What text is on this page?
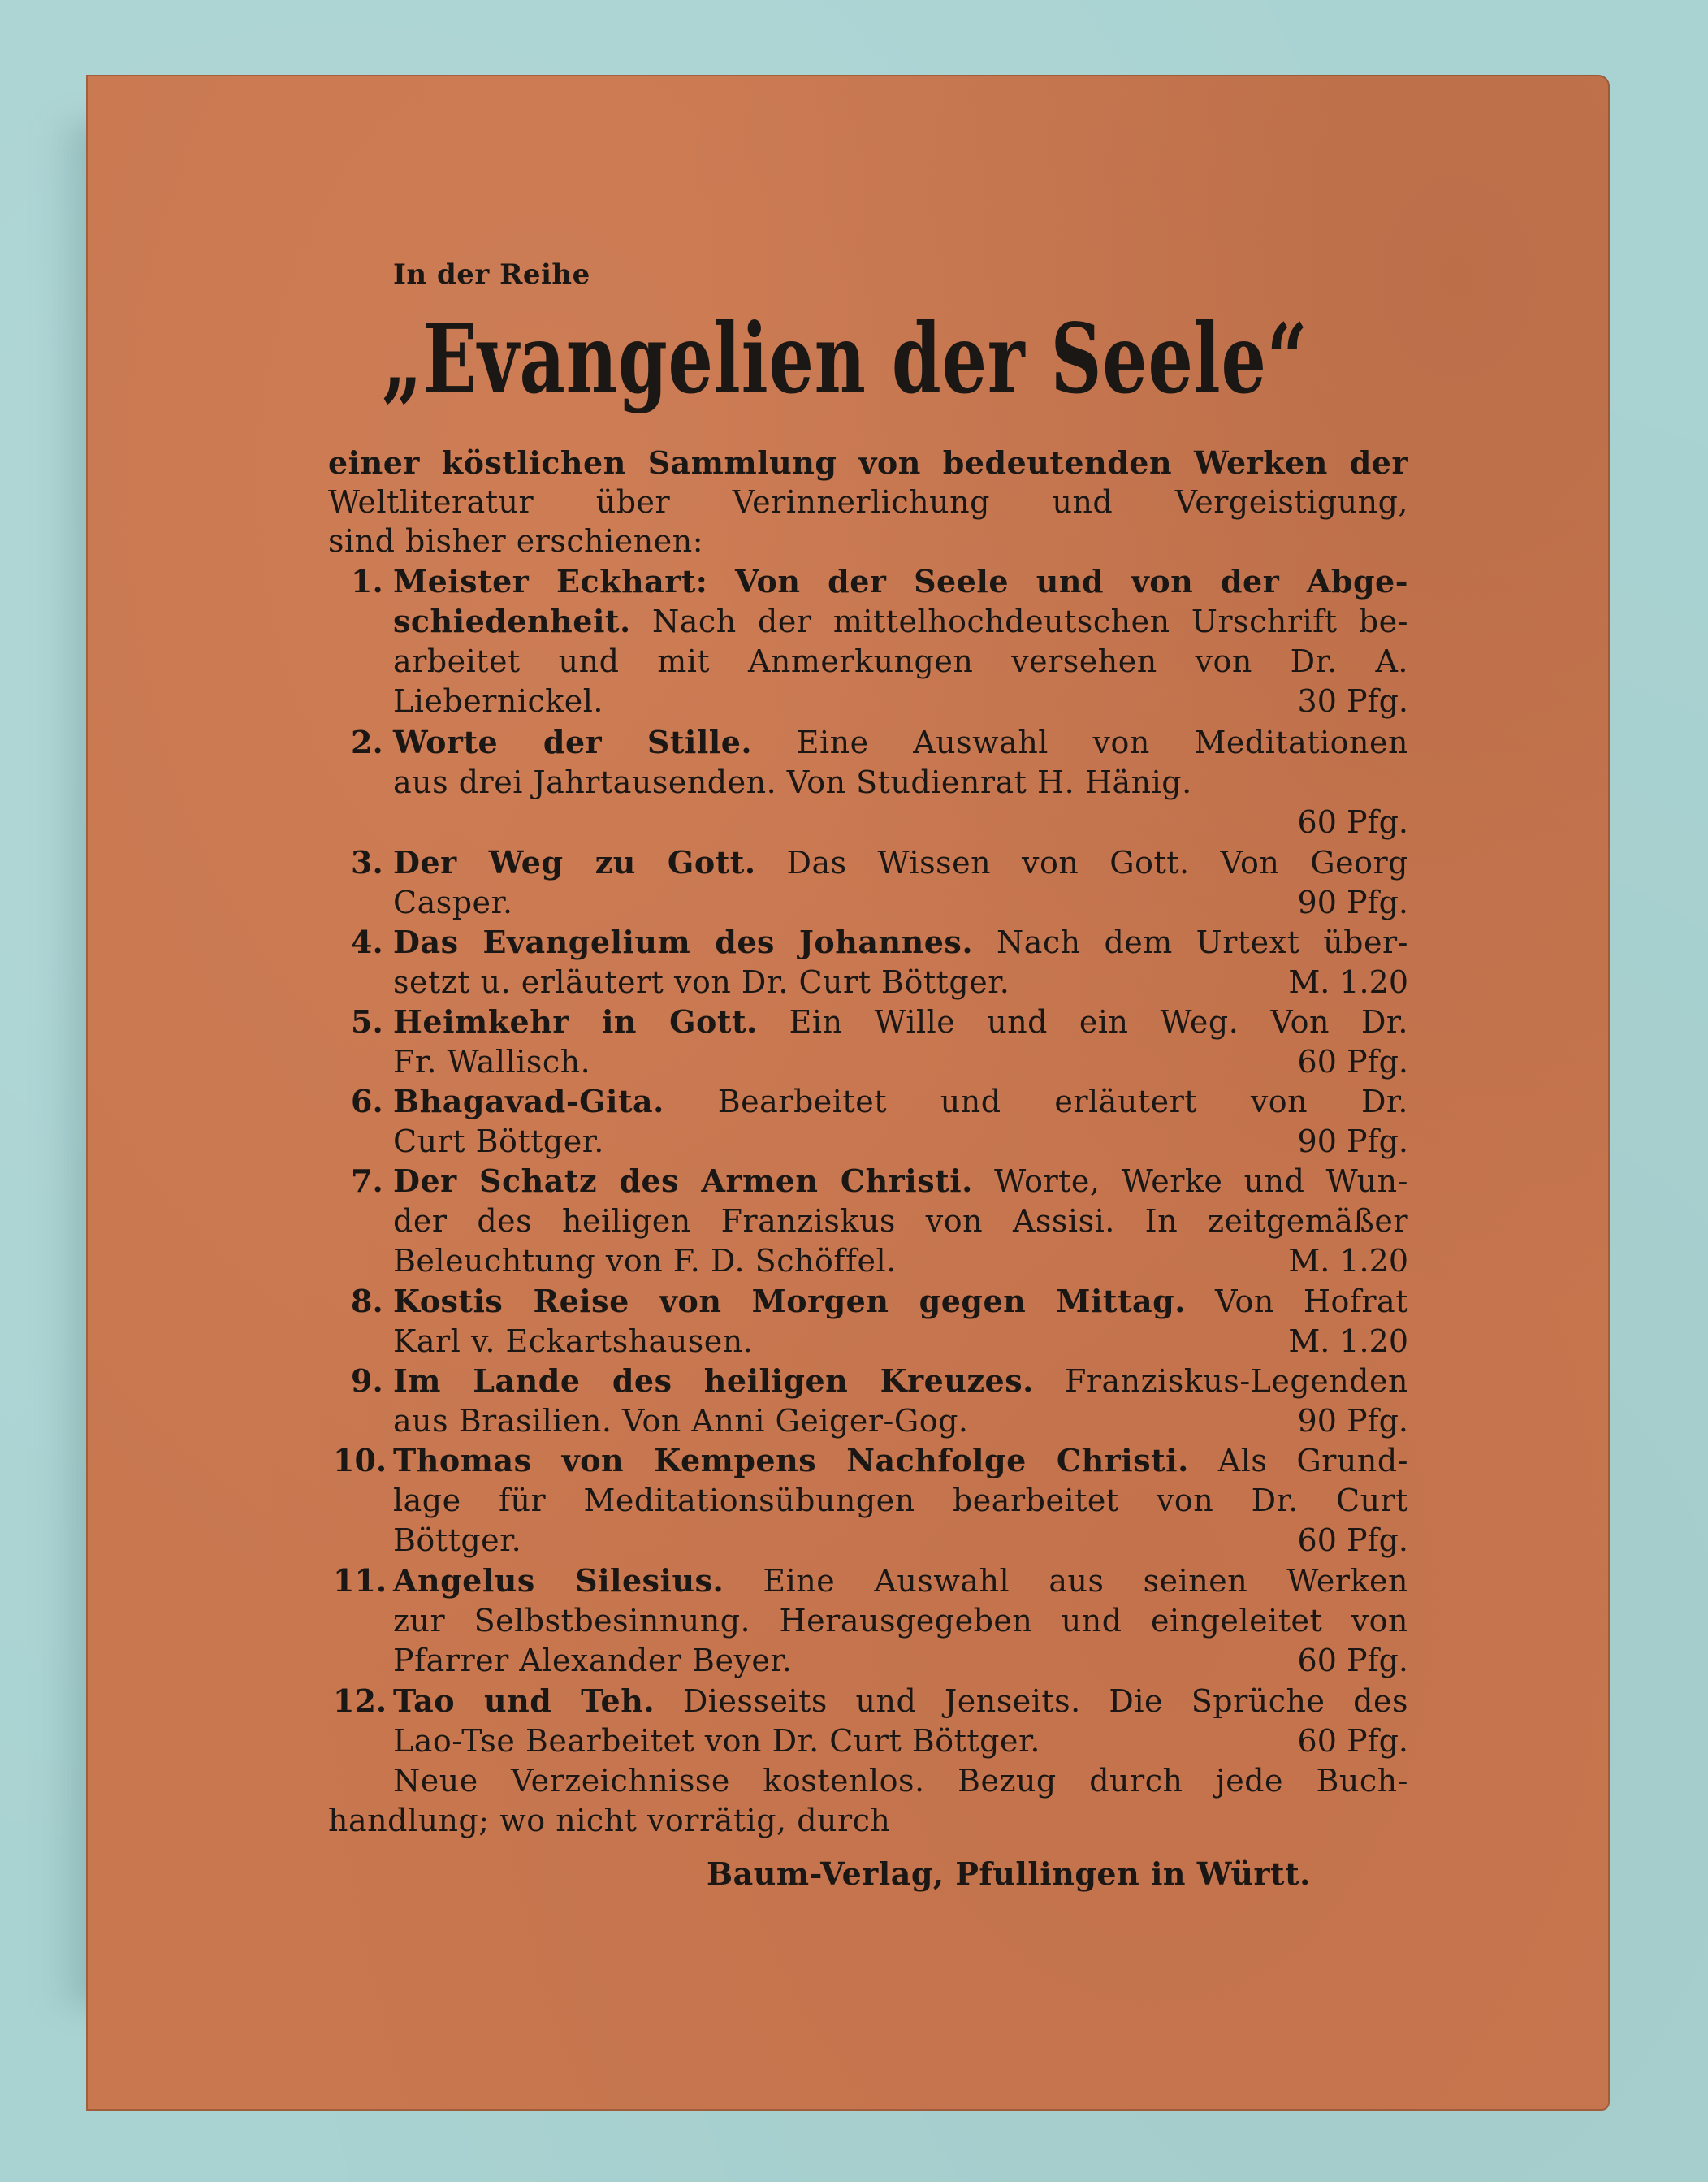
In der Reihe
„Evangelien der Seele“
einer köstlichen Sammlung von bedeutenden Werken der
Weltliteratur über Verinnerlichung und Vergeistigung,
sind bisher erschienen:
1. Meister Eckhart: Von der Seele und von der Abge-
schiedenheit. Nach der mittelhochdeutschen Urschrift be-
arbeitet und mit Anmerkungen versehen von Dr. A.
Liebernickel.	30 Pfg.
2. Worte der Stille. Eine Auswahl von Meditationen
aus drei Jahrtausenden. Von Studienrat H. Hänig.
60 Pfg.
3. Der Weg zu Gott. Das Wissen von Gott. Von Georg
Casper.	90 Pfg.
4. Das Evangelium des Johannes. Nach dem Urtext über-
setzt u. erläutert von Dr. Curt Böttger.	M. 1.20
5. Heimkehr in Gott. Ein Wille und ein Weg. Von Dr.
Fr. Wallisch.	60 Pfg.
6. Bhagavad-Gita. Bearbeitet und erläutert von Dr.
Curt Böttger.	90 Pfg.
7. Der Schatz des Armen Christi. Worte, Werke und Wun-
der des heiligen Franziskus von Assisi. In zeitgemäßer
Beleuchtung von F. D. Schöffel.	M. 1.20
8. Kostis Reise von Morgen gegen Mittag. Von Hofrat
Karl v. Eckartshausen.	M. 1.20
9. Im Lande des heiligen Kreuzes. Franziskus-Legenden
aus Brasilien. Von Anni Geiger-Gog.	90 Pfg.
10. Thomas von Kempens Nachfolge Christi. Als Grund-
lage für Meditationsübungen bearbeitet von Dr. Curt
Böttger.	60 Pfg.
11. Angelus Silesius. Eine Auswahl aus seinen Werken
zur Selbstbesinnung. Herausgegeben und eingeleitet von
Pfarrer Alexander Beyer.	60 Pfg.
12. Tao und Teh. Diesseits und Jenseits. Die Sprüche des
Lao-Tse Bearbeitet von Dr. Curt Böttger.	60 Pfg.
Neue Verzeichnisse kostenlos. Bezug durch jede Buch-
handlung; wo nicht vorrätig, durch
Baum-Verlag, Pfullingen in Württ.
